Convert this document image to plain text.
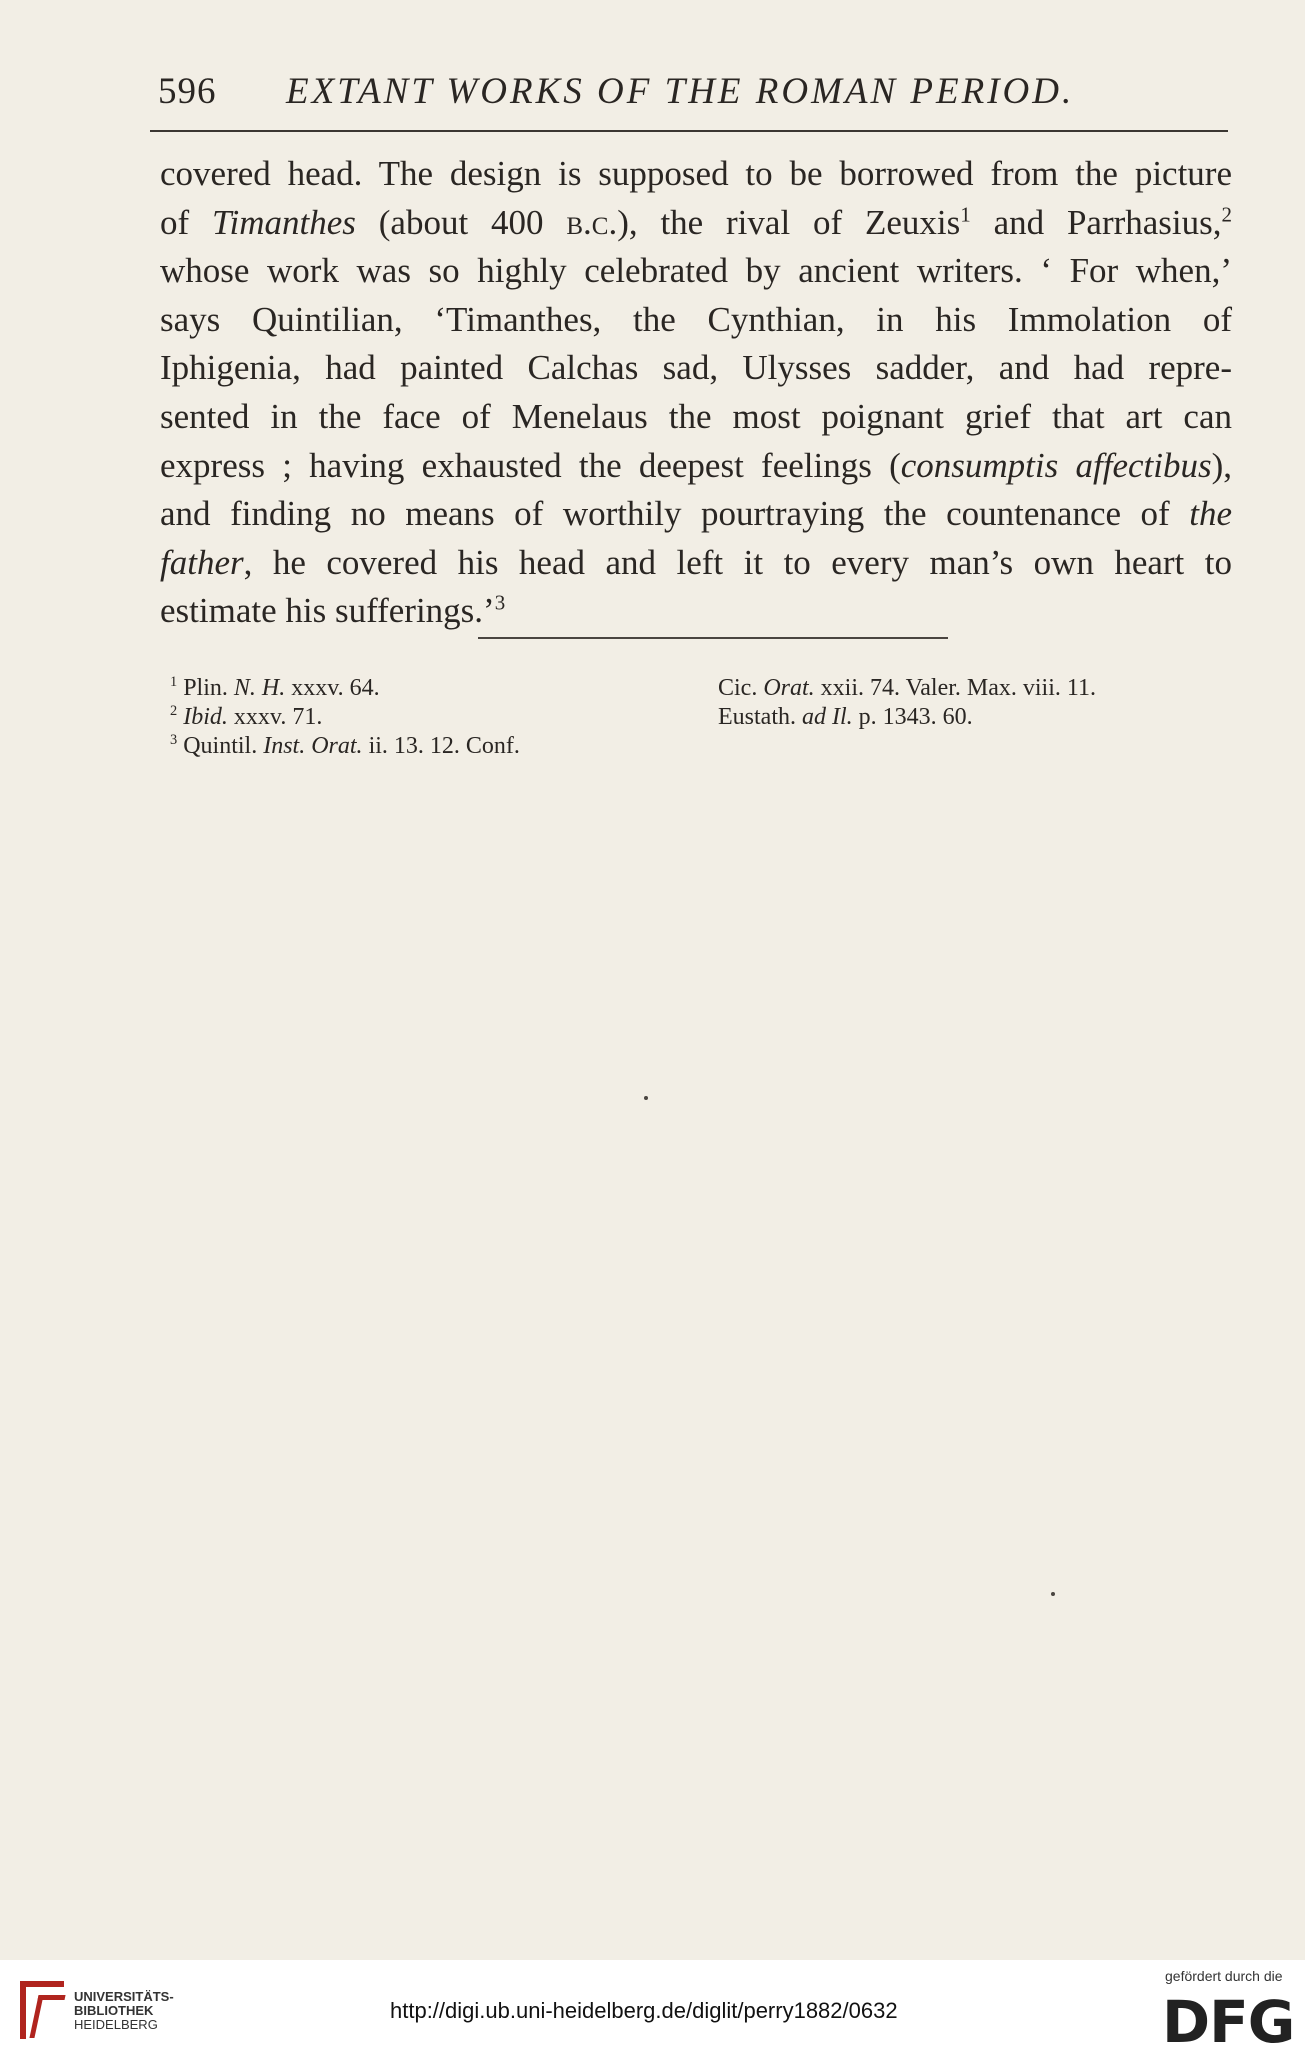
596 EXTANT WORKS OF THE ROMAN PERIOD.
covered head. The design is supposed to be borrowed from the picture
of Timanthes (about 400 b.c.), the rival of Zeuxis$^1$ and Parrhasius,$^2$
whose work was so highly celebrated by ancient writers. ‘ For when,’
says Quintilian, ‘Timanthes, the Cynthian, in his Immolation of
Iphigenia, had painted Calchas sad, Ulysses sadder, and had repre-
sented in the face of Menelaus the most poignant grief that art can
express ; having exhausted the deepest feelings (consumptis affectibus),
and finding no means of worthily pourtraying the countenance of the
father, he covered his head and left it to every man’s own heart to
estimate his sufferings.’$^3$
$^1$ Plin. N. H. xxxv. 64.	Cic. Orat. xxii. 74. Valer. Max. viii. 11.
$^2$ Ibid. xxxv. 71.	Eustath. ad Il. p. 1343. 60.
$^3$ Quintil. Inst. Orat. ii. 13. 12. Conf.
UNIVERSITÄTS-
BIBLIOTHEK
HEIDELBERG
http://digi.ub.uni-heidelberg.de/diglit/perry1882/0632
gefördert durch die
DFG
